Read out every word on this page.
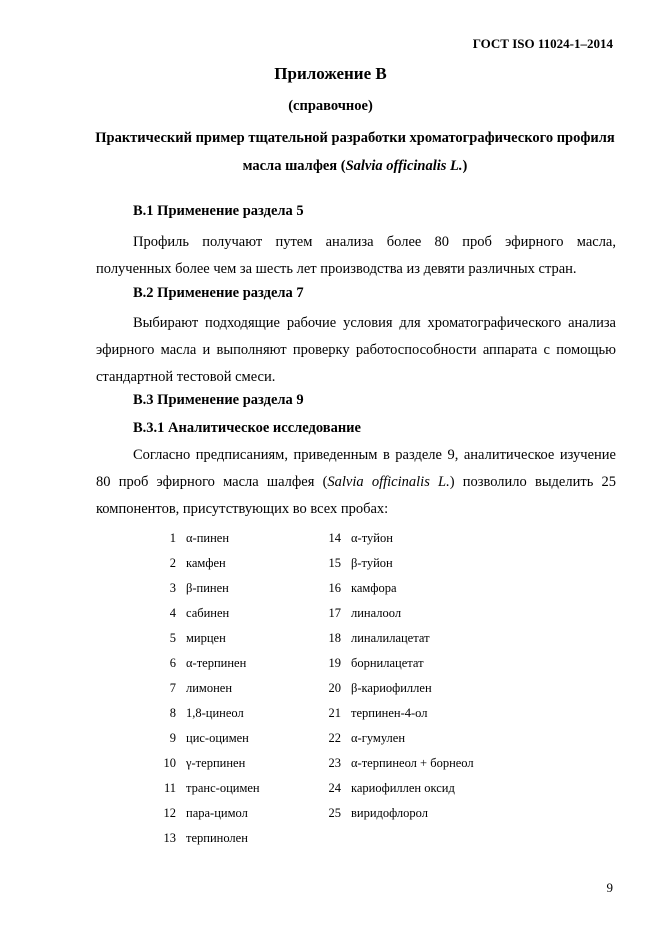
ГОСТ ISO 11024-1–2014
Приложение В
(справочное)
Практический пример тщательной разработки хроматографического профиля масла шалфея (Salvia officinalis L.)
В.1 Применение раздела 5

Профиль получают путем анализа более 80 проб эфирного масла, полученных более чем за шесть лет производства из девяти различных стран.

В.2 Применение раздела 7

Выбирают подходящие рабочие условия для хроматографического анализа эфирного масла и выполняют проверку работоспособности аппарата с помощью стандартной тестовой смеси.

В.3 Применение раздела 9
В.3.1 Аналитическое исследование

Согласно предписаниям, приведенным в разделе 9, аналитическое изучение 80 проб эфирного масла шалфея (Salvia officinalis L.) позволило выделить 25 компонентов, присутствующих во всех пробах:

1 α-пинен
2 камфен
3 β-пинен
4 сабинен
5 мирцен
6 α-терпинен
7 лимонен
8 1,8-цинеол
9 цис-оцимен
10 γ-терпинен
11 транс-оцимен
12 пара-цимол
13 терпинолен
14 α-туйон
15 β-туйон
16 камфора
17 линалоол
18 линалилацетат
19 борнилацетат
20 β-кариофиллен
21 терпинен-4-ол
22 α-гумулен
23 α-терпинеол + борнеол
24 кариофиллен оксид
25 виридофлорол
9
